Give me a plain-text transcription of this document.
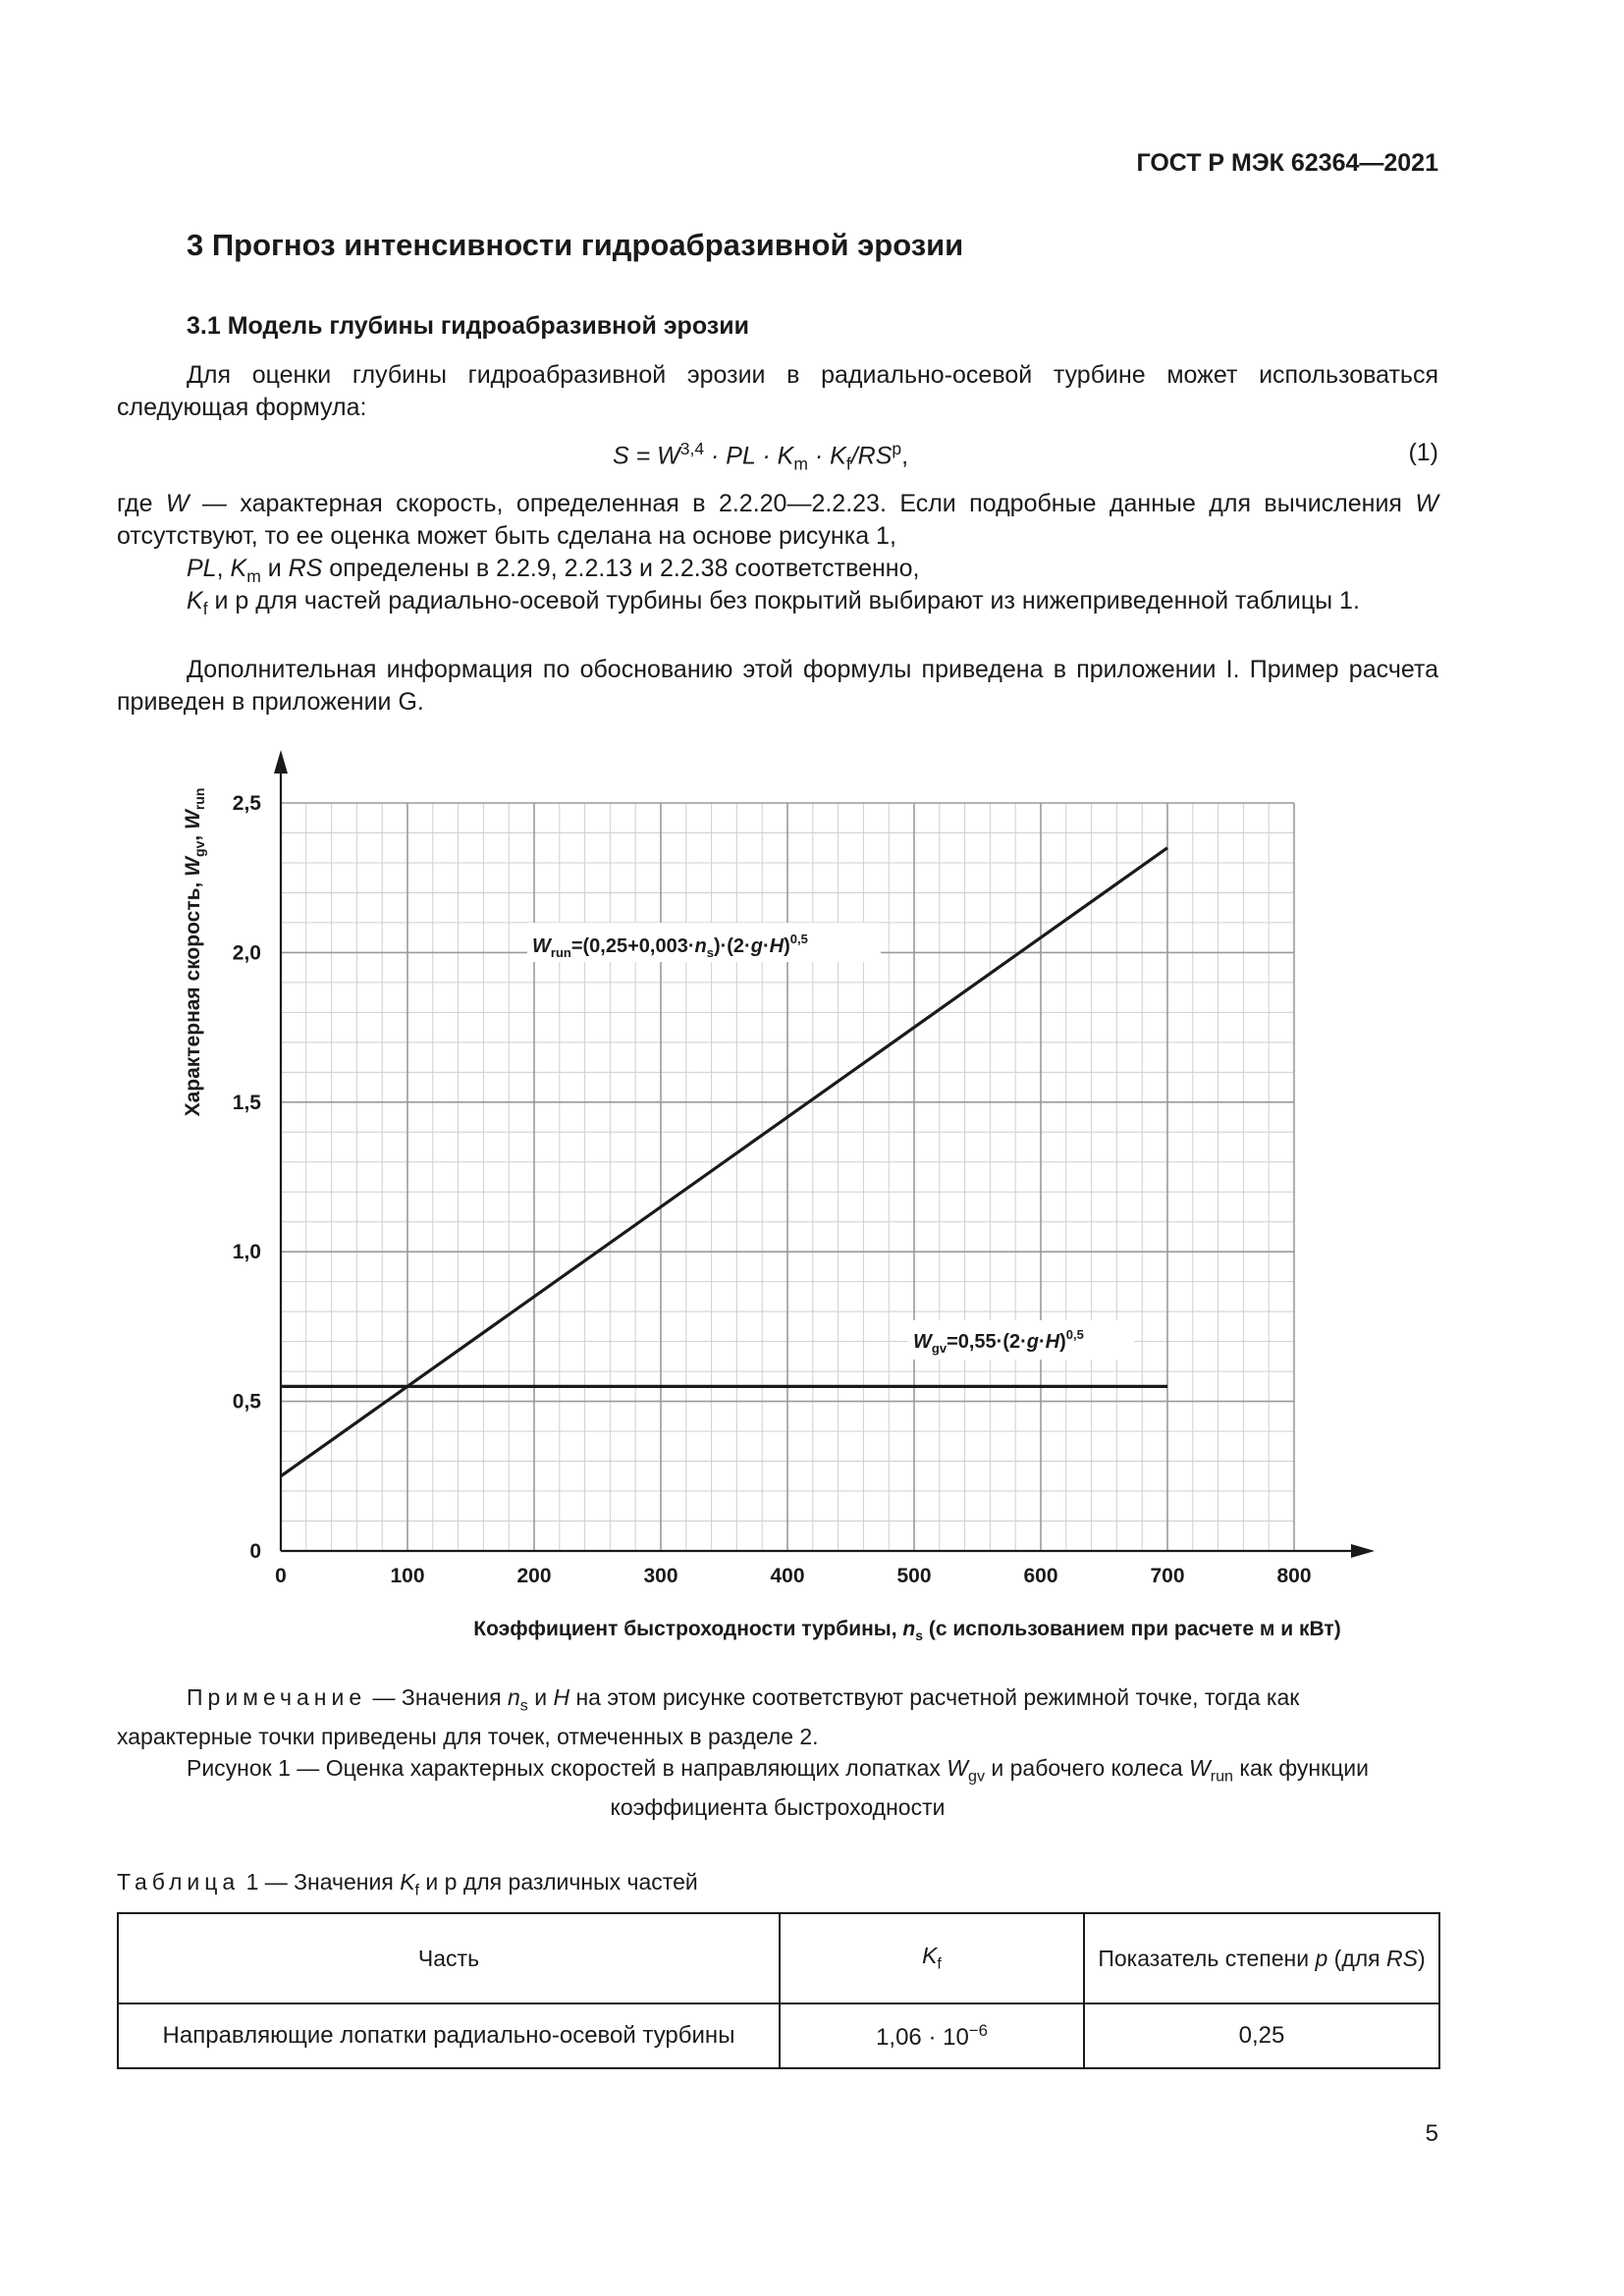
ГОСТ Р МЭК 62364—2021
3 Прогноз интенсивности гидроабразивной эрозии
3.1 Модель глубины гидроабразивной эрозии
Для оценки глубины гидроабразивной эрозии в радиально-осевой турбине может использоваться следующая формула:
S = W$^{3,4}$ · PL · $K_m \cdot K_f/RS^p$,	(1)
где W — характерная скорость, определенная в 2.2.20—2.2.23. Если подробные данные для вычисления W отсутствуют, то ее оценка может быть сделана на основе рисунка 1,
PL, $K_m$ и RS определены в 2.2.9, 2.2.13 и 2.2.38 соответственно,
$K_f$ и р для частей радиально-осевой турбины без покрытий выбирают из нижеприведенной таблицы 1.
Дополнительная информация по обоснованию этой формулы приведена в приложении I. Пример расчета приведен в приложении G.
0	100	200	300	400	500	600	700	800
0
0,5
1,0
1,5
2,0
2,5
Характерная скорость, $W_{gv}$, $W_{run}$
Коэффициент быстроходности турбины, $n_s$ (с использованием при расчете м и кВт)
$W_{run}=(0,25+0,003\cdot n_s)\cdot(2\cdot g\cdot H)^{0,5}$
$W_{gv}=0,55\cdot(2\cdot g\cdot H)^{0,5}$
Примечание — Значения $n_s$ и H на этом рисунке соответствуют расчетной режимной точке, тогда как характерные точки приведены для точек, отмеченных в разделе 2.
Рисунок 1 — Оценка характерных скоростей в направляющих лопатках $W_{gv}$ и рабочего колеса $W_{run}$ как функции коэффициента быстроходности
Таблица 1 — Значения $K_f$ и р для различных частей
Часть	$K_f$	Показатель степени p (для RS)
Направляющие лопатки радиально-осевой турбины	$1,06 \cdot 10^{-6}$	0,25
5
